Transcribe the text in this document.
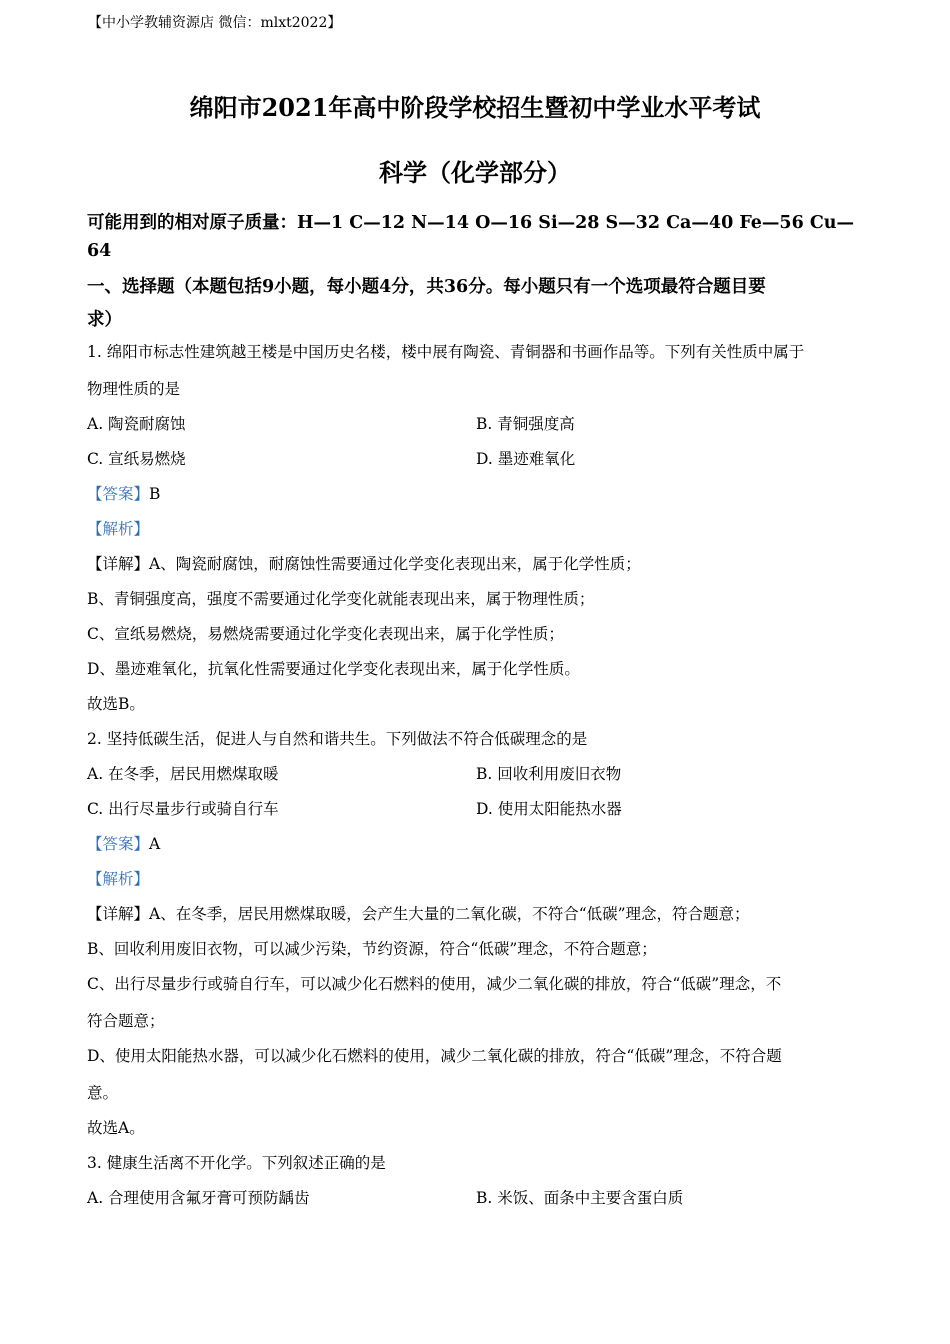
【中小学教辅资源店 微信：mlxt2022】
绵阳市2021年高中阶段学校招生暨初中学业水平考试
科学（化学部分）
可能用到的相对原子质量：H—1 C—12 N—14 O—16 Si—28 S—32 Ca—40 Fe—56 Cu—
64
一、选择题（本题包括9小题，每小题4分，共36分。每小题只有一个选项最符合题目要
求）
1. 绵阳市标志性建筑越王楼是中国历史名楼，楼中展有陶瓷、青铜器和书画作品等。下列有关性质中属于
物理性质的是
A. 陶瓷耐腐蚀	B. 青铜强度高
C. 宣纸易燃烧	D. 墨迹难氧化
【答案】B
【解析】
【详解】A、陶瓷耐腐蚀，耐腐蚀性需要通过化学变化表现出来，属于化学性质；
B、青铜强度高，强度不需要通过化学变化就能表现出来，属于物理性质；
C、宣纸易燃烧，易燃烧需要通过化学变化表现出来，属于化学性质；
D、墨迹难氧化，抗氧化性需要通过化学变化表现出来，属于化学性质。
故选B。
2. 坚持低碳生活，促进人与自然和谐共生。下列做法不符合低碳理念的是
A. 在冬季，居民用燃煤取暖	B. 回收利用废旧衣物
C. 出行尽量步行或骑自行车	D. 使用太阳能热水器
【答案】A
【解析】
【详解】A、在冬季，居民用燃煤取暖，会产生大量的二氧化碳，不符合“低碳”理念，符合题意；
B、回收利用废旧衣物，可以减少污染，节约资源，符合“低碳”理念，不符合题意；
C、出行尽量步行或骑自行车，可以减少化石燃料的使用，减少二氧化碳的排放，符合“低碳”理念，不
符合题意；
D、使用太阳能热水器，可以减少化石燃料的使用，减少二氧化碳的排放，符合“低碳”理念，不符合题
意。
故选A。
3. 健康生活离不开化学。下列叙述正确的是
A. 合理使用含氟牙膏可预防龋齿	B. 米饭、面条中主要含蛋白质
